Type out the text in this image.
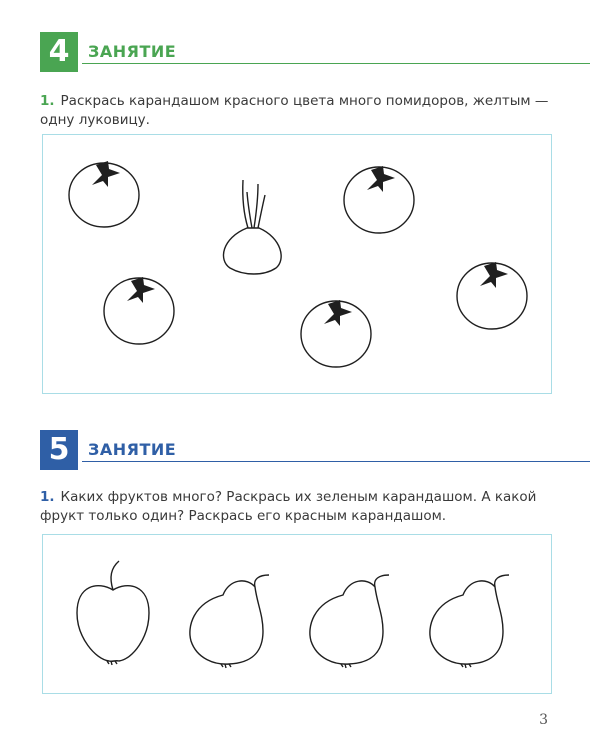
4	ЗАНЯТИЕ
1. Раскрась карандашом красного цвета много помидоров, желтым — одну луковицу.
5	ЗАНЯТИЕ
1. Каких фруктов много? Раскрась их зеленым карандашом. А какой фрукт только один? Раскрась его красным карандашом.
3
